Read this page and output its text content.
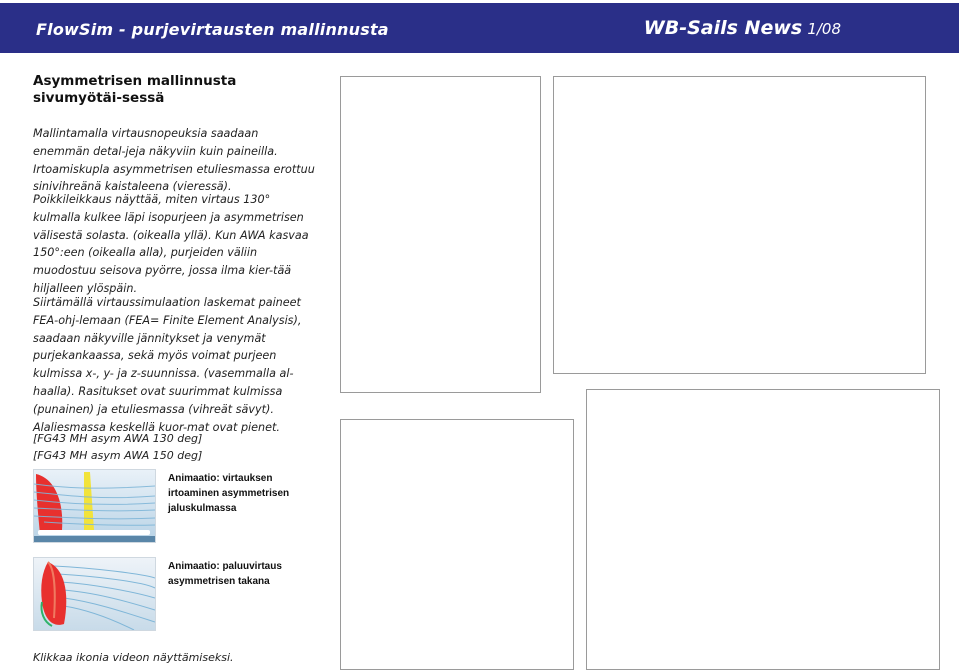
FlowSim - purjevirtausten mallinnusta	WB-Sails News 1/08
Asymmetrisen mallinnusta sivumyötäi-sessä
Mallintamalla virtausnopeuksia saadaan enemmän detal-jeja näkyviin kuin paineilla. Irtoamiskupla asymmetrisen etuliesmassa erottuu sinivihreänä kaistaleena (vieressä).
Poikkileikkaus näyttää, miten virtaus 130° kulmalla kulkee läpi isopurjeen ja asymmetrisen välisestä solasta. (oikealla yllä). Kun AWA kasvaa 150°:een (oikealla alla), purjeiden väliin muodostuu seisova pyörre, jossa ilma kier-tää hiljalleen ylöspäin.
Siirtämällä virtaussimulaation laskemat paineet FEA-ohj-lemaan (FEA= Finite Element Analysis), saadaan näkyville jännitykset ja venymät purjekankaassa, sekä myös voimat purjeen kulmissa x-, y- ja z-suunnissa. (vasemmalla al-haalla). Rasitukset ovat suurimmat kulmissa (punainen) ja etuliesmassa (vihreät sävyt). Alaliesmassa keskellä kuor-mat ovat pienet.
[FG43 MH asym AWA 130 deg]
[FG43 MH asym AWA 150 deg]
Animaatio: virtauksen irtoaminen asymmetrisen jaluskulmassa
Animaatio: paluuvirtaus asymmetrisen takana
Klikkaa ikonia videon näyttämiseksi.
